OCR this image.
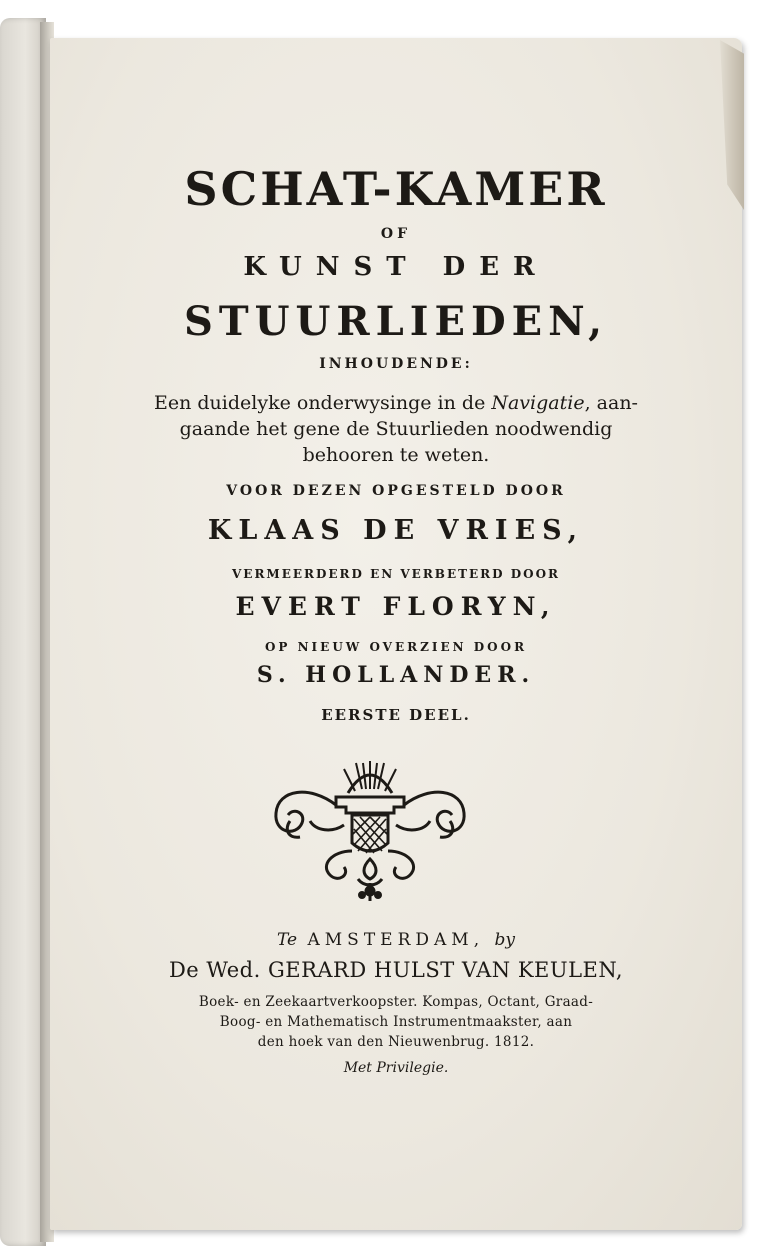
SCHAT-KAMER
OF
KUNST DER
STUURLIEDEN,
INHOUDENDE:
Een duidelyke onderwysinge in de Navigatie, aan-
gaande het gene de Stuurlieden noodwendig
behooren te weten.
VOOR DEZEN OPGESTELD DOOR
KLAAS DE VRIES,
VERMEERDERD EN VERBETERD DOOR
EVERT FLORYN,
OP NIEUW OVERZIEN DOOR
S. HOLLANDER.
EERSTE DEEL.
Te AMSTERDAM, by
De Wed. GERARD HULST VAN KEULEN,
Boek- en Zeekaartverkoopster. Kompas, Octant, Graad-
Boog- en Mathematisch Instrumentmaakster, aan
den hoek van den Nieuwenbrug. 1812.
Met Privilegie.
